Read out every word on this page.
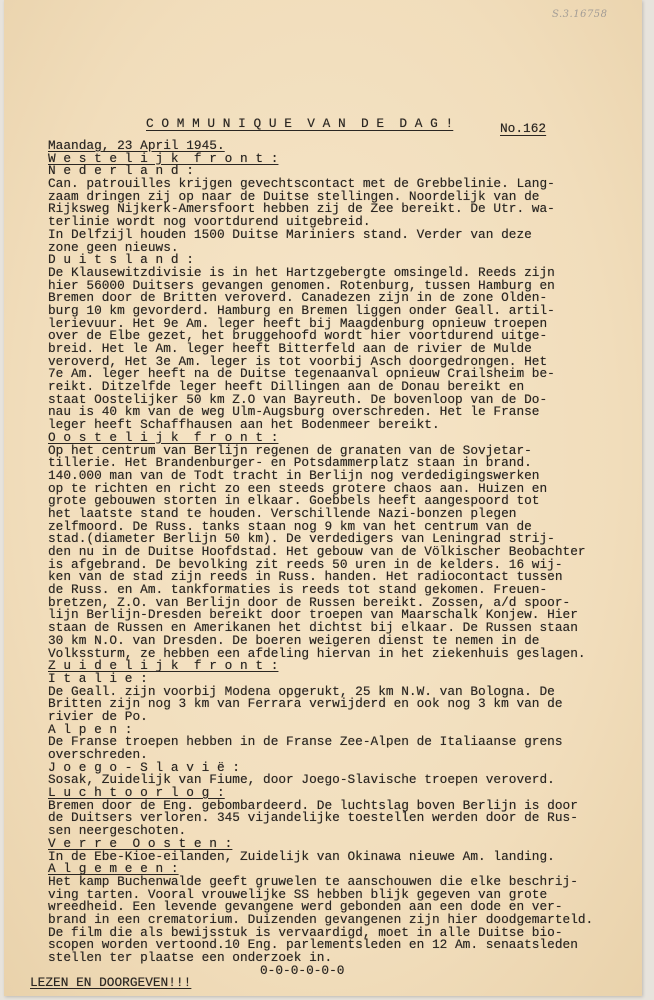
S.3.16758
C O M M U N I Q U E  V A N  D E  D A G !	No.162
Maandag, 23 April 1945.
W e s t e l i j k  f r o n t :
N e d e r l a n d :
Can. patrouilles krijgen gevechtscontact met de Grebbelinie. Lang-
zaam dringen zij op naar de Duitse stellingen. Noordelijk van de
Rijksweg Nijkerk-Amersfoort hebben zij de Zee bereikt. De Utr. wa-
terlinie wordt nog voortdurend uitgebreid.
In Delfzijl houden 1500 Duitse Mariniers stand. Verder van deze
zone geen nieuws.
D u i t s l a n d :
De Klausewitzdivisie is in het Hartzgebergte omsingeld. Reeds zijn
hier 56000 Duitsers gevangen genomen. Rotenburg, tussen Hamburg en
Bremen door de Britten veroverd. Canadezen zijn in de zone Olden-
burg 10 km gevorderd. Hamburg en Bremen liggen onder Geall. artil-
lerievuur. Het 9e Am. leger heeft bij Maagdenburg opnieuw troepen
over de Elbe gezet, het bruggehoofd wordt hier voortdurend uitge-
breid. Het le Am. leger heeft Bitterfeld aan de rivier de Mulde
veroverd, Het 3e Am. leger is tot voorbij Asch doorgedrongen. Het
7e Am. leger heeft na de Duitse tegenaanval opnieuw Crailsheim be-
reikt. Ditzelfde leger heeft Dillingen aan de Donau bereikt en
staat Oostelijker 50 km Z.O van Bayreuth. De bovenloop van de Do-
nau is 40 km van de weg Ulm-Augsburg overschreden. Het le Franse
leger heeft Schaffhausen aan het Bodenmeer bereikt.
O o s t e l i j k  f r o n t :
Op het centrum van Berlijn regenen de granaten van de Sovjetar-
tillerie. Het Brandenburger- en Potsdammerplatz staan in brand.
140.000 man van de Todt tracht in Berlijn nog verdedigingswerken
op te richten en richt zo een steeds grotere chaos aan. Huizen en
grote gebouwen storten in elkaar. Goebbels heeft aangespoord tot
het laatste stand te houden. Verschillende Nazi-bonzen plegen
zelfmoord. De Russ. tanks staan nog 9 km van het centrum van de
stad.(diameter Berlijn 50 km). De verdedigers van Leningrad strij-
den nu in de Duitse Hoofdstad. Het gebouw van de Völkischer Beobachter
is afgebrand. De bevolking zit reeds 50 uren in de kelders. 16 wij-
ken van de stad zijn reeds in Russ. handen. Het radiocontact tussen
de Russ. en Am. tankformaties is reeds tot stand gekomen. Freuen-
bretzen, Z.O. van Berlijn door de Russen bereikt. Zossen, a/d spoor-
lijn Berlijn-Dresden bereikt door troepen van Maarschalk Konjew. Hier
staan de Russen en Amerikanen het dichtst bij elkaar. De Russen staan
30 km N.O. van Dresden. De boeren weigeren dienst te nemen in de
Volkssturm, ze hebben een afdeling hiervan in het ziekenhuis geslagen.
Z u i d e l i j k  f r o n t :
I t a l i e :
De Geall. zijn voorbij Modena opgerukt, 25 km N.W. van Bologna. De
Britten zijn nog 3 km van Ferrara verwijderd en ook nog 3 km van de
rivier de Po.
A l p e n :
De Franse troepen hebben in de Franse Zee-Alpen de Italiaanse grens
overschreden.
J o e g o - S l a v i ë :
Sosak, Zuidelijk van Fiume, door Joego-Slavische troepen veroverd.
L u c h t o o r l o g :
Bremen door de Eng. gebombardeerd. De luchtslag boven Berlijn is door
de Duitsers verloren. 345 vijandelijke toestellen werden door de Rus-
sen neergeschoten.
V e r r e  O o s t e n :
In de Ebe-Kioe-eilanden, Zuidelijk van Okinawa nieuwe Am. landing.
A l g e m e e n :
Het kamp Buchenwalde geeft gruwelen te aanschouwen die elke beschrij-
ving tarten. Vooral vrouwelijke SS hebben blijk gegeven van grote
wreedheid. Een levende gevangene werd gebonden aan een dode en ver-
brand in een crematorium. Duizenden gevangenen zijn hier doodgemarteld.
De film die als bewijsstuk is vervaardigd, moet in alle Duitse bio-
scopen worden vertoond.10 Eng. parlementsleden en 12 Am. senaatsleden
stellen ter plaatse een onderzoek in.
0-0-0-0-0-0
LEZEN EN DOORGEVEN!!!
